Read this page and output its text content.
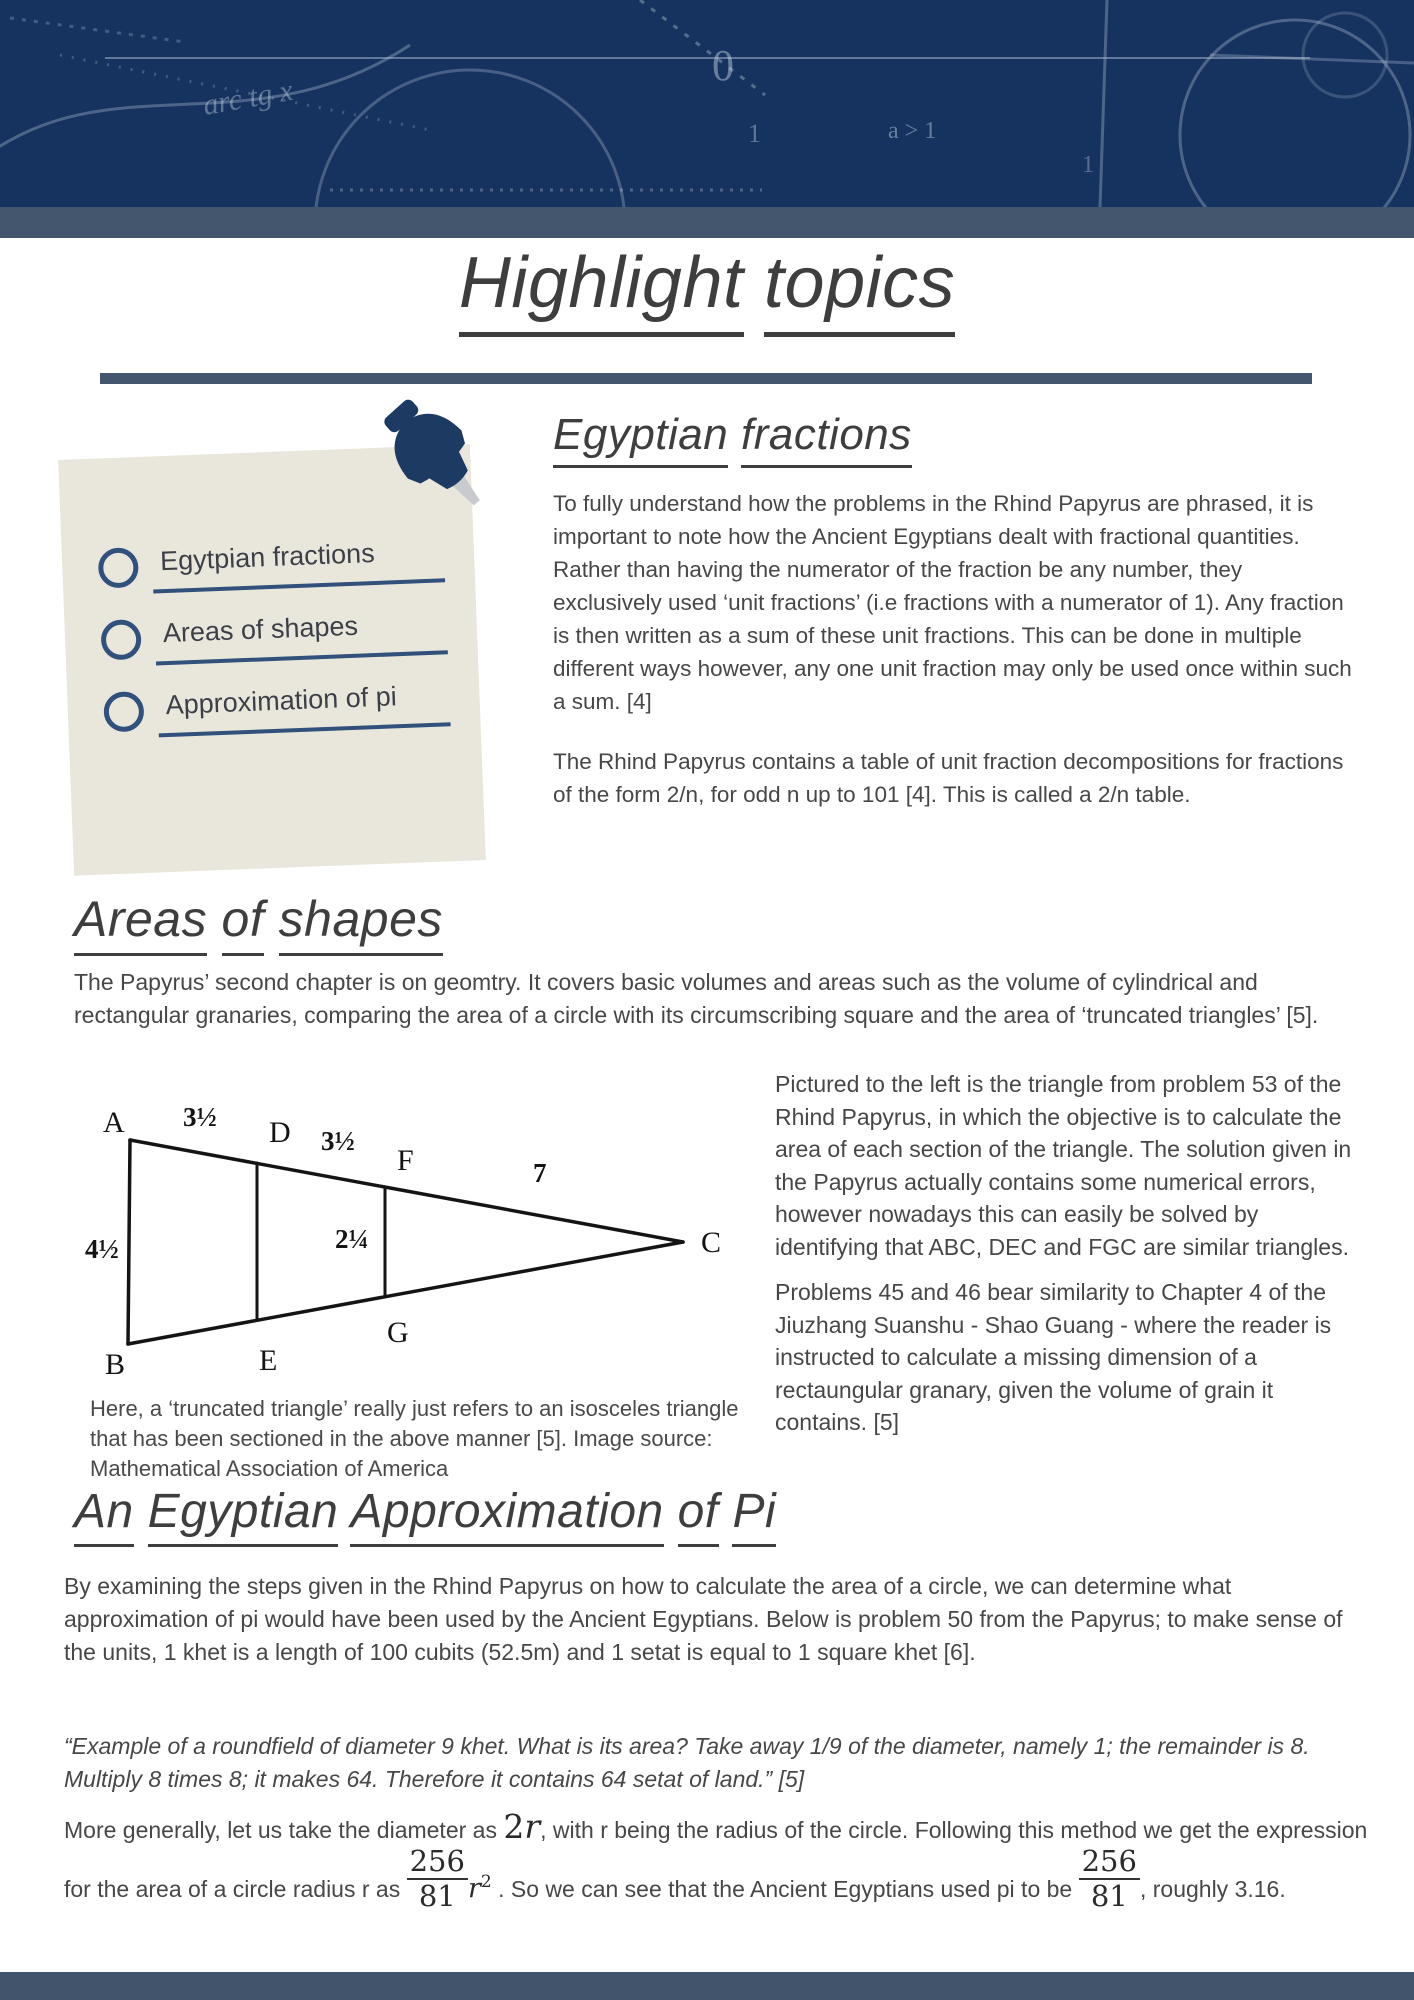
arc tg x
0
1	a > 1
1
Highlight topics
Egytpian fractions
Areas of shapes
Approximation of pi
Egyptian fractions

To fully understand how the problems in the Rhind Papyrus are phrased, it is important to note how the Ancient Egyptians dealt with fractional quantities. Rather than having the numerator of the fraction be any number, they exclusively used ‘unit fractions’ (i.e fractions with a numerator of 1). Any fraction is then written as a sum of these unit fractions. This can be done in multiple different ways however, any one unit fraction may only be used once within such a sum. [4]

The Rhind Papyrus contains a table of unit fraction decompositions for fractions of the form 2/n, for odd n up to 101 [4]. This is called a 2/n table.

Areas of shapes

The Papyrus’ second chapter is on geomtry. It covers basic volumes and areas such as the volume of cylindrical and rectangular granaries, comparing the area of a circle with its circumscribing square and the area of ‘truncated triangles’ [5].

A
B
C
D
E
F
G
3½
3½
7
4½	2¼

Here, a ‘truncated triangle’ really just refers to an isosceles triangle that has been sectioned in the above manner [5]. Image source: Mathematical Association of America

Pictured to the left is the triangle from problem 53 of the Rhind Papyrus, in which the objective is to calculate the area of each section of the triangle. The solution given in the Papyrus actually contains some numerical errors, however nowadays this can easily be solved by identifying that ABC, DEC and FGC are similar triangles.

Problems 45 and 46 bear similarity to Chapter 4 of the Jiuzhang Suanshu - Shao Guang - where the reader is instructed to calculate a missing dimension of a rectaungular granary, given the volume of grain it contains. [5]

An Egyptian Approximation of Pi

By examining the steps given in the Rhind Papyrus on how to calculate the area of a circle, we can determine what approximation of pi would have been used by the Ancient Egyptians. Below is problem 50 from the Papyrus; to make sense of the units, 1 khet is a length of 100 cubits (52.5m) and 1 setat is equal to 1 square khet [6].

“Example of a roundfield of diameter 9 khet. What is its area? Take away 1/9 of the diameter, namely 1; the remainder is 8. Multiply 8 times 8; it makes 64. Therefore it contains 64 setat of land.” [5]

More generally, let us take the diameter as 2r, with r being the radius of the circle. Following this method we get the expression for the area of a circle radius r as
$\frac{256}{81}$
$r^2$ . So we can see that the Ancient Egyptians used pi to be
$\frac{256}{81}$
, roughly 3.16.
